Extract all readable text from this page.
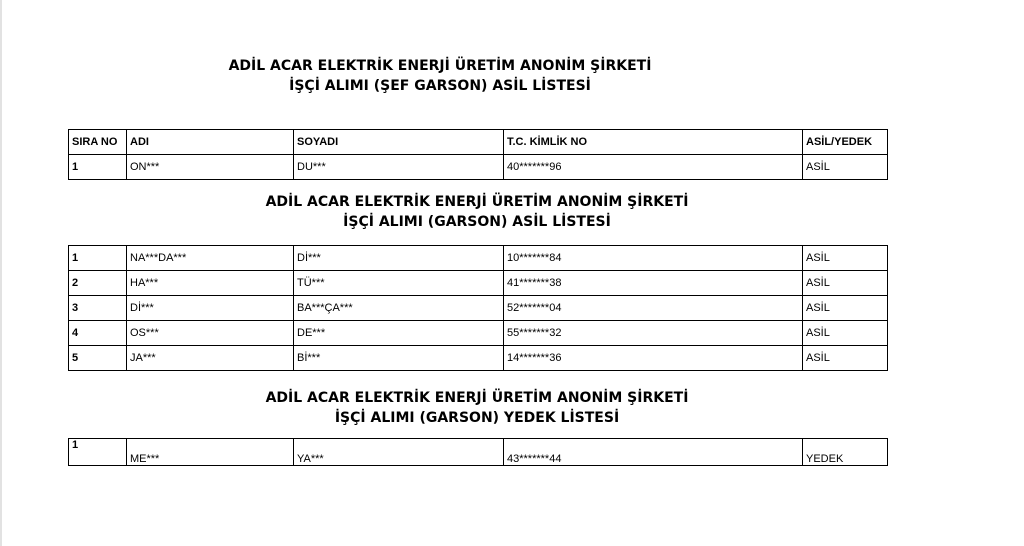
ADİL ACAR ELEKTRİK ENERJİ ÜRETİM ANONİM ŞİRKETİ
İŞÇİ ALIMI (ŞEF GARSON) ASİL LİSTESİ
SIRA NO	ADI	SOYADI	T.C. KİMLİK NO	ASİL/YEDEK
1	ON***	DU***	40*******96	ASİL
ADİL ACAR ELEKTRİK ENERJİ ÜRETİM ANONİM ŞİRKETİ
İŞÇİ ALIMI (GARSON) ASİL LİSTESİ
1	NA***DA***	Dİ***	10*******84	ASİL
2	HA***	TÜ***	41*******38	ASİL
3	Dİ***	BA***ÇA***	52*******04	ASİL
4	OS***	DE***	55*******32	ASİL
5	JA***	Bİ***	14*******36	ASİL
ADİL ACAR ELEKTRİK ENERJİ ÜRETİM ANONİM ŞİRKETİ
İŞÇİ ALIMI (GARSON) YEDEK LİSTESİ
1	ME***	YA***	43*******44	YEDEK
